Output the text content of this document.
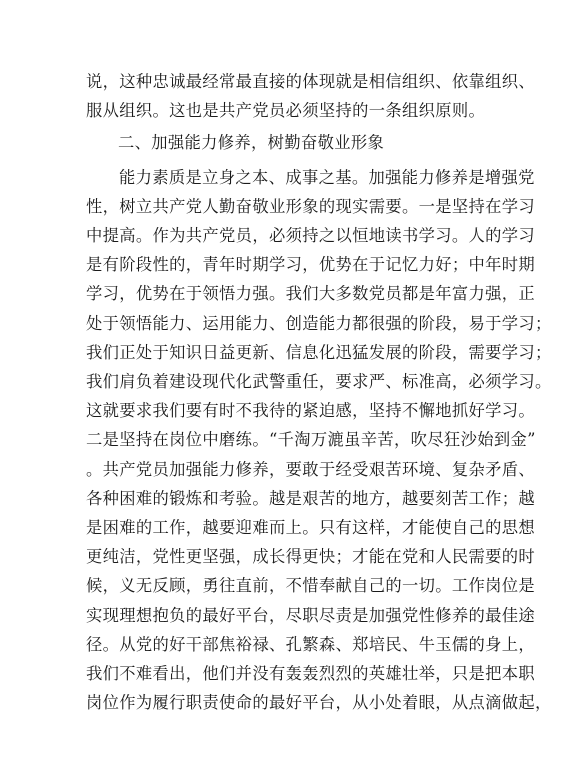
说，这种忠诚最经常最直接的体现就是相信组织、依靠组织、
服从组织。这也是共产党员必须坚持的一条组织原则。
二、加强能力修养，树勤奋敬业形象
能力素质是立身之本、成事之基。加强能力修养是增强党
性，树立共产党人勤奋敬业形象的现实需要。一是坚持在学习
中提高。作为共产党员，必须持之以恒地读书学习。人的学习
是有阶段性的，青年时期学习，优势在于记忆力好；中年时期
学习，优势在于领悟力强。我们大多数党员都是年富力强，正
处于领悟能力、运用能力、创造能力都很强的阶段，易于学习；
我们正处于知识日益更新、信息化迅猛发展的阶段，需要学习；
我们肩负着建设现代化武警重任，要求严、标准高，必须学习。
这就要求我们要有时不我待的紧迫感，坚持不懈地抓好学习。
二是坚持在岗位中磨练。“千淘万漉虽辛苦，吹尽狂沙始到金”
。共产党员加强能力修养，要敢于经受艰苦环境、复杂矛盾、
各种困难的锻炼和考验。越是艰苦的地方，越要刻苦工作；越
是困难的工作，越要迎难而上。只有这样，才能使自己的思想
更纯洁，党性更坚强，成长得更快；才能在党和人民需要的时
候，义无反顾，勇往直前，不惜奉献自己的一切。工作岗位是
实现理想抱负的最好平台，尽职尽责是加强党性修养的最佳途
径。从党的好干部焦裕禄、孔繁森、郑培民、牛玉儒的身上，
我们不难看出，他们并没有轰轰烈烈的英雄壮举，只是把本职
岗位作为履行职责使命的最好平台，从小处着眼，从点滴做起，
